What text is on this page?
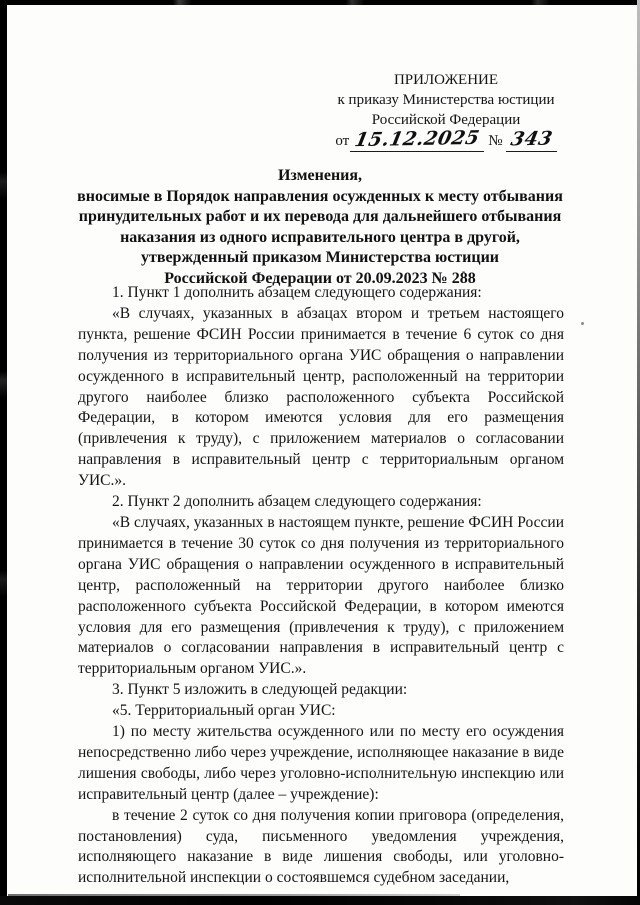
ПРИЛОЖЕНИЕ
к приказу Министерства юстиции
Российской Федерации
от 15.12.2025 № 343
Изменения,
вносимые в Порядок направления осужденных к месту отбывания
принудительных работ и их перевода для дальнейшего отбывания
наказания из одного исправительного центра в другой,
утвержденный приказом Министерства юстиции
Российской Федерации от 20.09.2023 № 288

1. Пункт 1 дополнить абзацем следующего содержания:

«В случаях, указанных в абзацах втором и третьем настоящего пункта, решение ФСИН России принимается в течение 6 суток со дня получения из территориального органа УИС обращения о направлении осужденного в исправительный центр, расположенный на территории другого наиболее близко расположенного субъекта Российской Федерации, в котором имеются условия для его размещения (привлечения к труду), с приложением материалов о согласовании направления в исправительный центр с территориальным органом УИС.».

2. Пункт 2 дополнить абзацем следующего содержания:

«В случаях, указанных в настоящем пункте, решение ФСИН России принимается в течение 30 суток со дня получения из территориального органа УИС обращения о направлении осужденного в исправительный центр, расположенный на территории другого наиболее близко расположенного субъекта Российской Федерации, в котором имеются условия для его размещения (привлечения к труду), с приложением материалов о согласовании направления в исправительный центр с территориальным органом УИС.».

3. Пункт 5 изложить в следующей редакции:

«5. Территориальный орган УИС:

1) по месту жительства осужденного или по месту его осуждения непосредственно либо через учреждение, исполняющее наказание в виде лишения свободы, либо через уголовно-исполнительную инспекцию или исправительный центр (далее – учреждение):

в течение 2 суток со дня получения копии приговора (определения, постановления) суда, письменного уведомления учреждения, исполняющего наказание в виде лишения свободы, или уголовно-исполнительной инспекции о состоявшемся судебном заседании,
